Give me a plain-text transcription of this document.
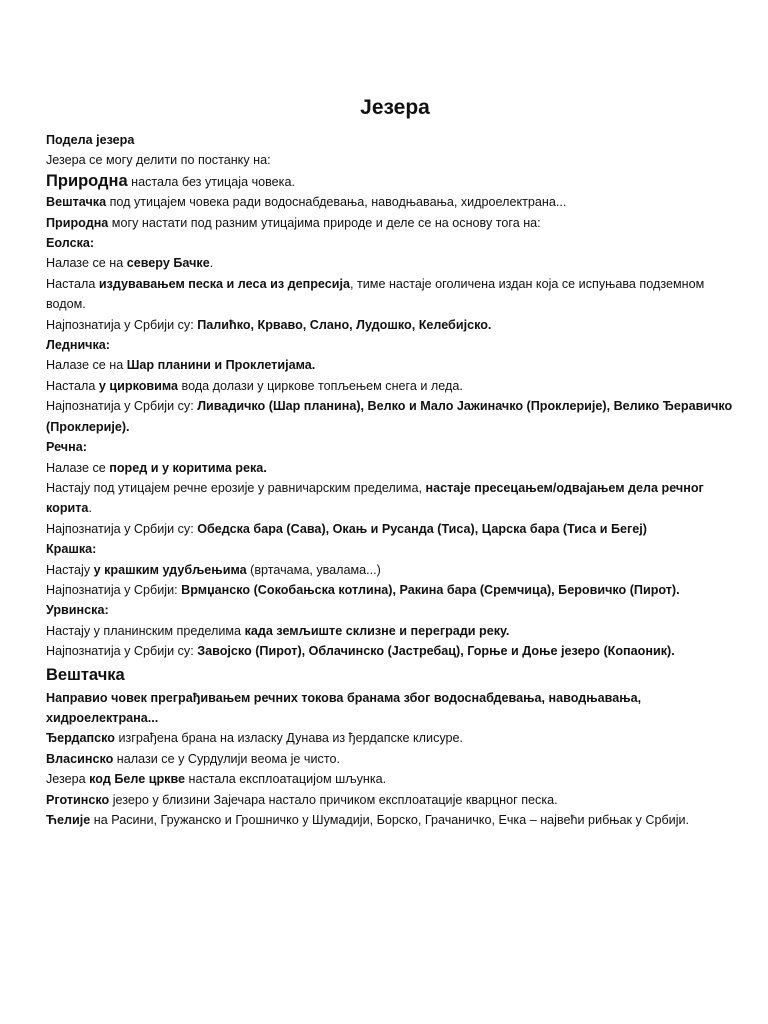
Језера

Подела језера

Језера се могу делити по постанку на:

Природна настала без утицаја човека.

Вештачка под утицајем човека ради водоснабдевања, наводњавања, хидроелектрана...

Природна могу настати под разним утицајима природе и деле се на основу тога на:

Еолска:

Налазе се на северу Бачке.

Настала издувавањем песка и леса из депресија, тиме настаје оголичена издан која се испуњава подземном водом.

Најпознатија у Србији су: Палићко, Крваво, Слано, Лудошко, Келебијско.

Ледничка:

Налазе се на Шар планини и Проклетијама.

Настала у цирковима вода долази у циркове топљењем снега и леда.

Најпознатија у Србији су: Ливадичко (Шар планина), Велко и Мало Јажиначко (Проклерије), Велико Ђеравичко (Проклерије).

Речна:

Налазе се поред и у коритима река.

Настају под утицајем речне ерозије у равничарским пределима, настаје пресецањем/одвајањем дела речног корита.

Најпознатија у Србији су: Обедска бара (Сава), Окањ и Русанда (Тиса), Царска бара (Тиса и Бегеј)

Крашка:

Настају у крашким удубљењима (вртачама, увалама...)

Најпознатија у Србији: Врмџанско (Сокобањска котлина), Ракина бара (Сремчица), Беровичко (Пирот).

Урвинска:

Настају у планинским пределима када земљиште склизне и перегради реку.

Најпознатија у Србији су: Завојско (Пирот), Облачинско (Јастребац), Горње и Доње језеро (Копаоник).

Вештачка

Направио човек преграђивањем речних токова бранама због водоснабдевања, наводњавања, хидроелектрана...

Ђердапско изграђена брана на изласку Дунава из ђердапске клисуре.

Власинско налази се у Сурдулији веома је чисто.

Језера код Беле цркве настала експлоатацијом шљунка.

Рготинско језеро у близини Зајечара настало причиком експлоатације кварцног песка.

Ћелије на Расини, Гружанско и Грошничко у Шумадији, Борско, Грачаничко, Ечка – највећи рибњак у Србији.
